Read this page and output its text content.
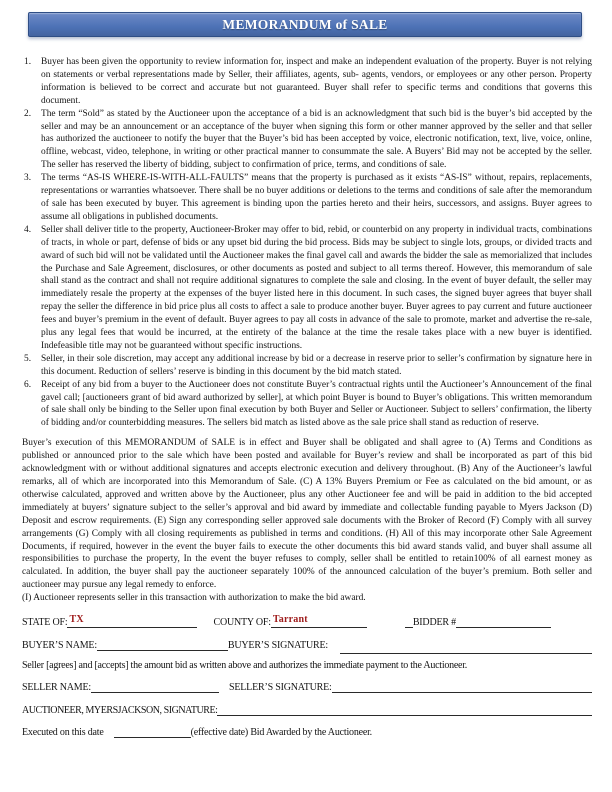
MEMORANDUM of SALE
1.	Buyer has been given the opportunity to review information for, inspect and make an independent evaluation of the property. Buyer is not relying on statements or verbal representations made by Seller, their affiliates, agents, sub- agents, vendors, or employees or any other person. Property information is believed to be correct and accurate but not guaranteed. Buyer shall refer to specific terms and conditions that governs this document.
2.	The term “Sold” as stated by the Auctioneer upon the acceptance of a bid is an acknowledgment that such bid is the buyer’s bid accepted by the seller and may be an announcement or an acceptance of the buyer when signing this form or other manner approved by the seller and that seller has authorized the auctioneer to notify the buyer that the Buyer’s bid has been accepted by voice, electronic notification, text, live, voice, online, offline, webcast, video, telephone, in writing or other practical manner to consummate the sale. A Buyers’ Bid may not be accepted by the seller. The seller has reserved the liberty of bidding, subject to confirmation of price, terms, and conditions of sale.
3.	The terms “AS-IS WHERE-IS-WITH-ALL-FAULTS” means that the property is purchased as it exists “AS-IS” without, repairs, replacements, representations or warranties whatsoever. There shall be no buyer additions or deletions to the terms and conditions of sale after the memorandum of sale has been executed by buyer. This agreement is binding upon the parties hereto and their heirs, successors, and assigns. Buyer agrees to assume all obligations in published documents.
4.	Seller shall deliver title to the property, Auctioneer-Broker may offer to bid, rebid, or counterbid on any property in individual tracts, combinations of tracts, in whole or part, defense of bids or any upset bid during the bid process. Bids may be subject to single lots, groups, or divided tracts and award of such bid will not be validated until the Auctioneer makes the final gavel call and awards the bidder the sale as memorialized that includes the Purchase and Sale Agreement, disclosures, or other documents as posted and subject to all terms thereof. However, this memorandum of sale shall stand as the contract and shall not require additional signatures to complete the sale and closing. In the event of buyer default, the seller may immediately resale the property at the expenses of the buyer listed here in this document. In such cases, the signed buyer agrees that buyer shall repay the seller the difference in bid price plus all costs to affect a sale to produce another buyer. Buyer agrees to pay current and future auctioneer fees and buyer’s premium in the event of default. Buyer agrees to pay all costs in advance of the sale to promote, market and advertise the re-sale, plus any legal fees that would be incurred, at the entirety of the balance at the time the resale takes place with a new buyer is identified. Indefeasible title may not be guaranteed without specific instructions.
5.	Seller, in their sole discretion, may accept any additional increase by bid or a decrease in reserve prior to seller’s confirmation by signature here in this document. Reduction of sellers’ reserve is binding in this document by the bid match stated.
6.	Receipt of any bid from a buyer to the Auctioneer does not constitute Buyer’s contractual rights until the Auctioneer’s Announcement of the final gavel call; [auctioneers grant of bid award authorized by seller], at which point Buyer is bound to Buyer’s obligations. This written memorandum of sale shall only be binding to the Seller upon final execution by both Buyer and Seller or Auctioneer. Subject to sellers’ confirmation, the liberty of bidding and/or counterbidding measures. The sellers bid match as listed above as the sale price shall stand as reduction of reserve.
Buyer’s execution of this MEMORANDUM of SALE is in effect and Buyer shall be obligated and shall agree to (A) Terms and Conditions as published or announced prior to the sale which have been posted and available for Buyer’s review and shall be incorporated as part of this bid acknowledgment with or without additional signatures and accepts electronic execution and delivery throughout. (B) Any of the Auctioneer’s lawful remarks, all of which are incorporated into this Memorandum of Sale. (C) A 13% Buyers Premium or Fee as calculated on the bid amount, or as otherwise calculated, approved and written above by the Auctioneer, plus any other Auctioneer fee and will be paid in addition to the bid accepted immediately at buyers’ signature subject to the seller’s approval and bid award by immediate and collectable funding payable to Myers Jackson (D) Deposit and escrow requirements. (E) Sign any corresponding seller approved sale documents with the Broker of Record (F) Comply with all survey arrangements (G) Comply with all closing requirements as published in terms and conditions. (H) All of this may incorporate other Sale Agreement Documents, if required, however in the event the buyer fails to execute the other documents this bid award stands valid, and buyer shall assume all responsibilities to purchase the property, In the event the buyer refuses to comply, seller shall be entitled to retain100% of all earnest money as calculated. In addition, the buyer shall pay the auctioneer separately 100% of the announced calculation of the buyer’s premium. Both seller and auctioneer may pursue any legal remedy to enforce.
(I) Auctioneer represents seller in this transaction with authorization to make the bid award.
STATE OF: TX	COUNTY OF: Tarrant	BIDDER #
BUYER’S NAME:	BUYER’S SIGNATURE:
Seller [agrees] and [accepts] the amount bid as written above and authorizes the immediate payment to the Auctioneer.
SELLER NAME:	SELLER’S SIGNATURE:
AUCTIONEER, MYERSJACKSON, SIGNATURE:
Executed on this date	(effective date) Bid Awarded by the Auctioneer.
